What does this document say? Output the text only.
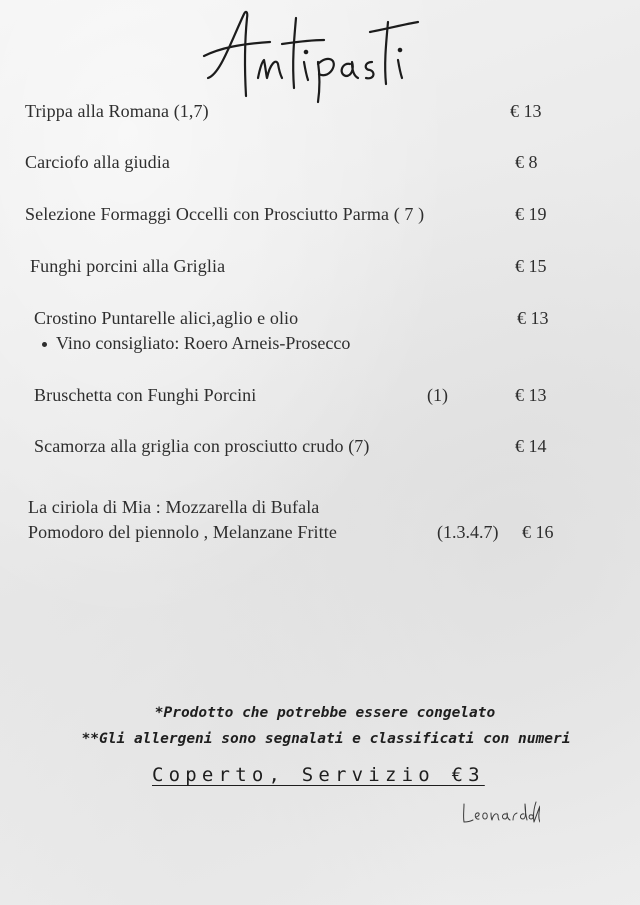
Trippa alla Romana (1,7)	€ 13
Carciofo alla giudia	€ 8
Selezione Formaggi Occelli con Prosciutto Parma ( 7 )	€ 19
Funghi porcini alla Griglia	€ 15
Crostino Puntarelle alici,aglio e olio	€ 13
Vino consigliato: Roero Arneis-Prosecco
Bruschetta con Funghi Porcini	(1)	€ 13
Scamorza alla griglia con prosciutto crudo (7)	€ 14
La ciriola di Mia : Mozzarella di Bufala
Pomodoro del piennolo , Melanzane Fritte	(1.3.4.7) € 16
*Prodotto che potrebbe essere congelato
**Gli allergeni sono segnalati e classificati con numeri
Coperto, Servizio €3
